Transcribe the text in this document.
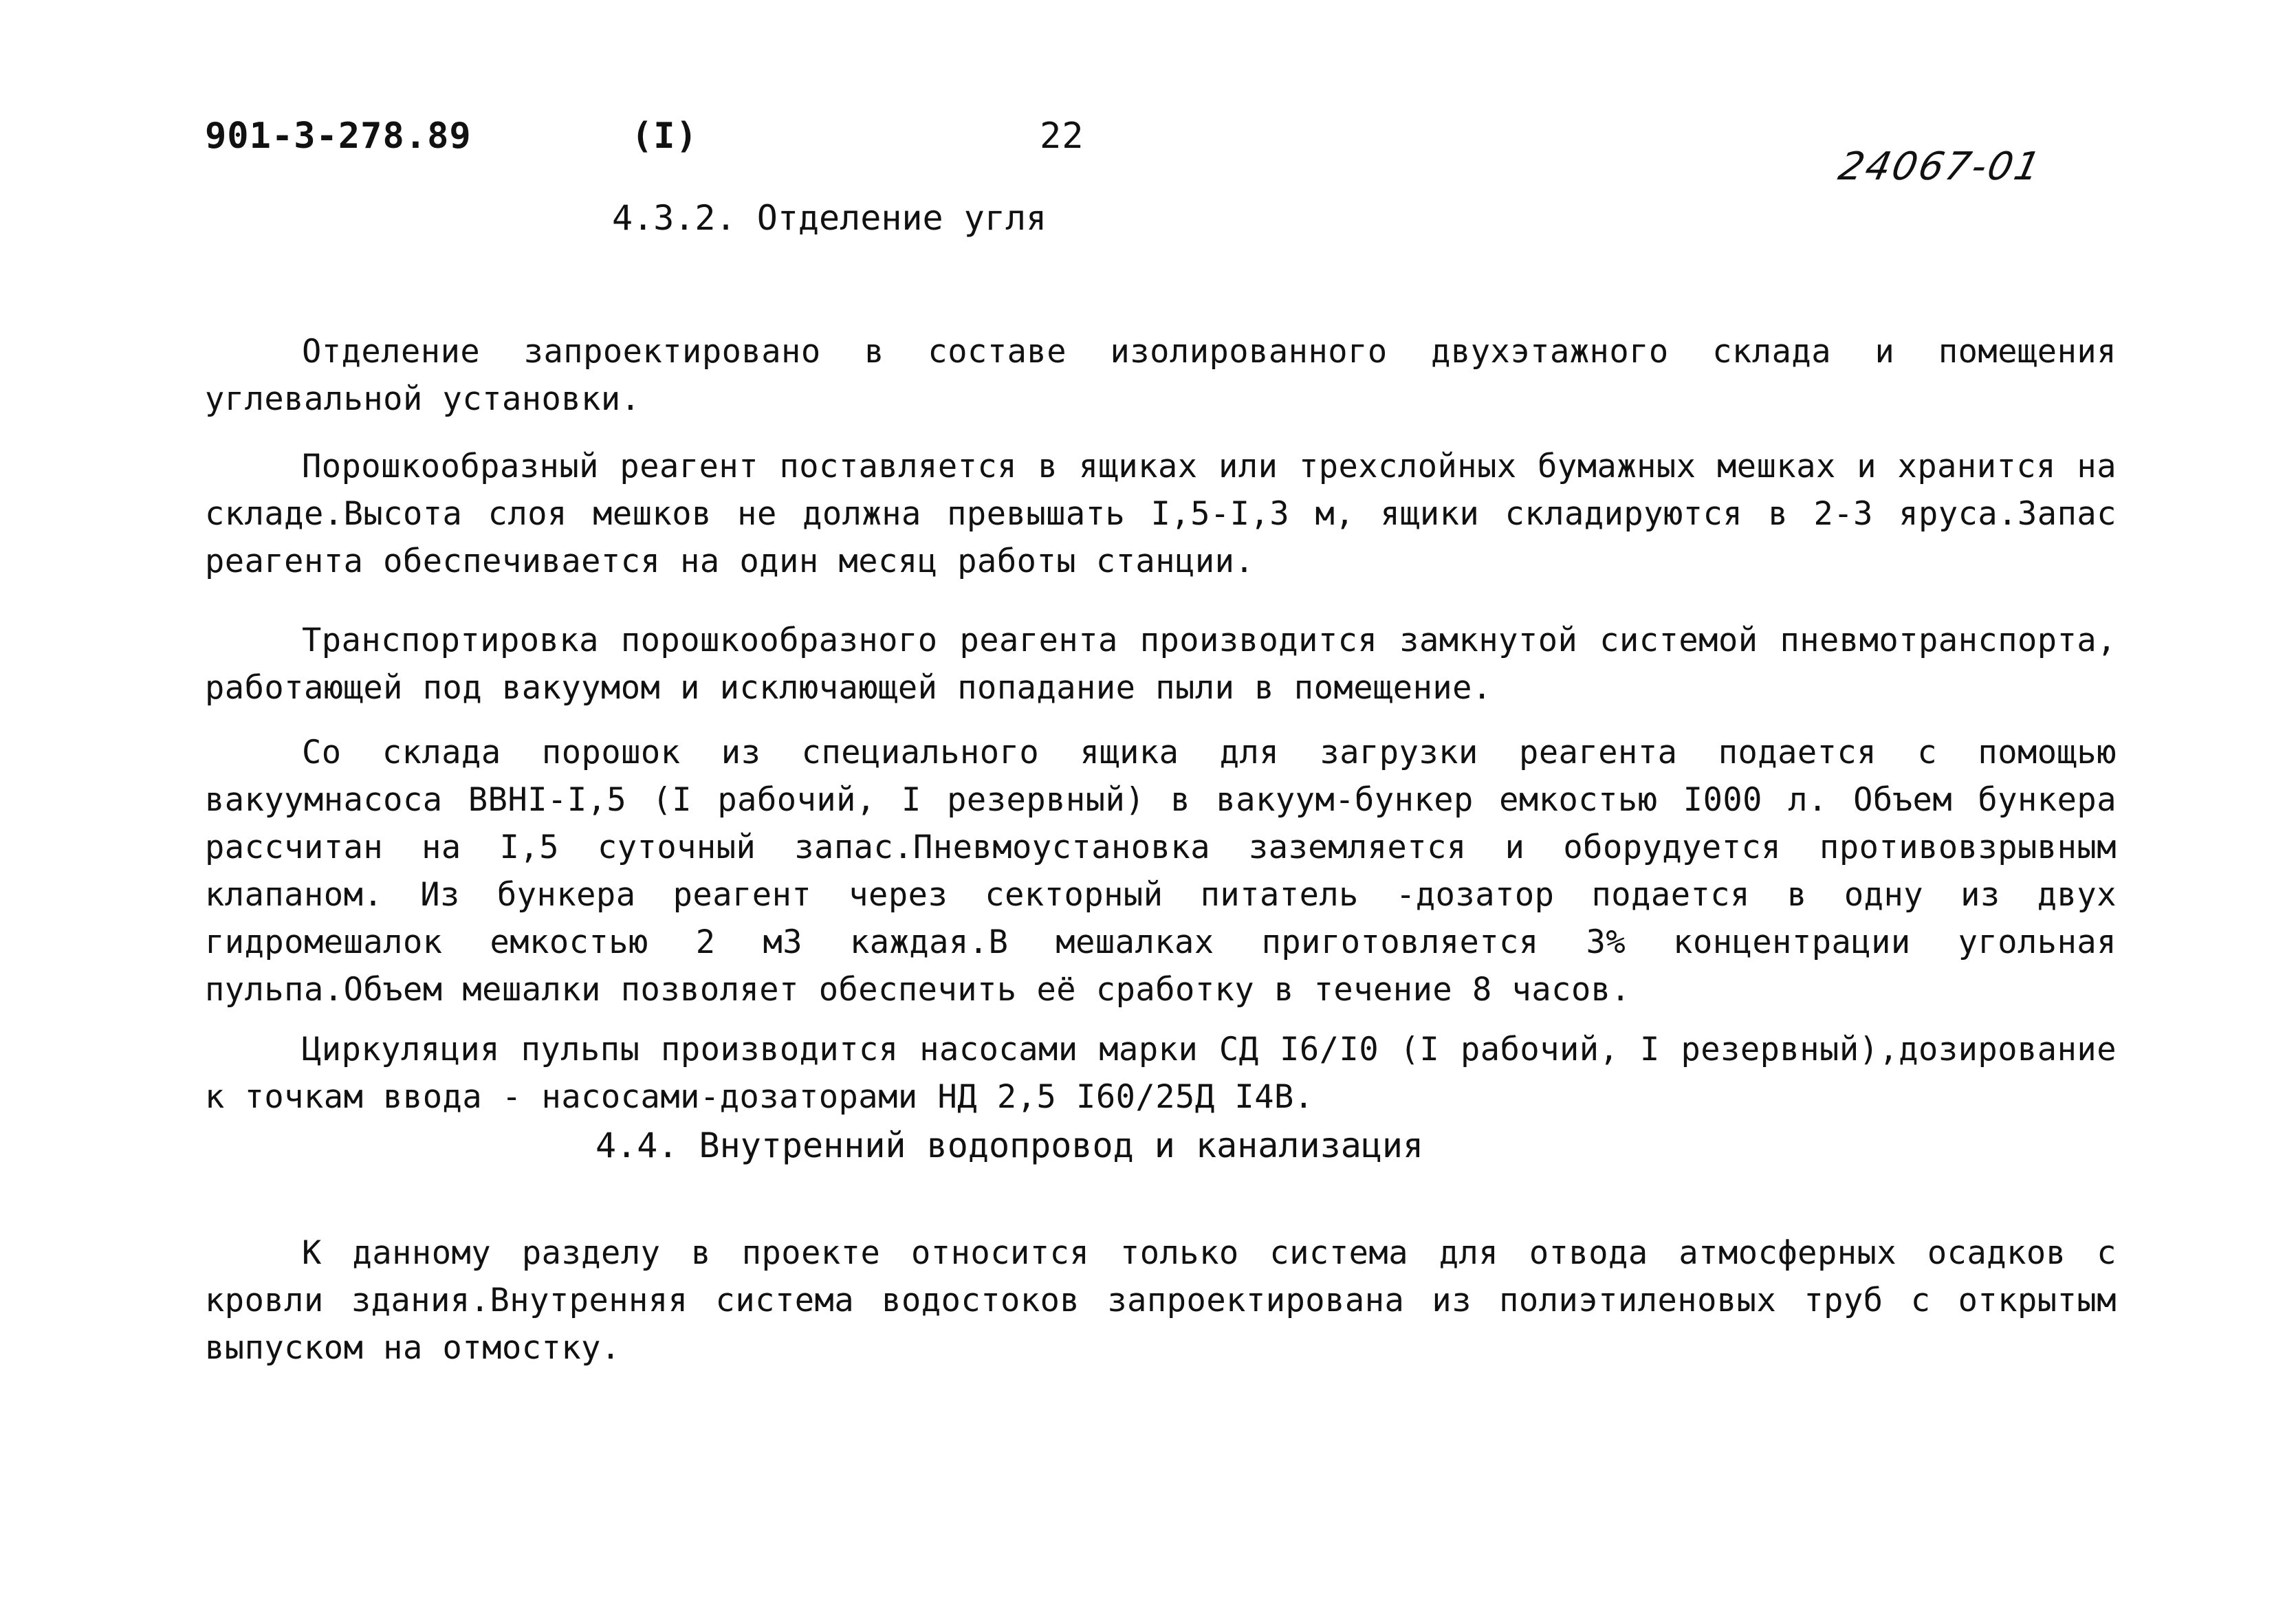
901-3-278.89	(I)	22
24067-01
4.3.2. Отделение угля

Отделение запроектировано в составе изолированного двухэтажного склада и помещения углевальной установки.

Порошкообразный реагент поставляется в ящиках или трехслойных бумажных мешках и хранится на складе.Высота слоя мешков не должна превышать I,5-I,3 м, ящики складируются в 2-3 яруса.Запас реагента обеспечивается на один месяц работы станции.

Транспортировка порошкообразного реагента производится замкнутой системой пневмотранспорта, работающей под вакуумом и исключающей попадание пыли в помещение.

Со склада порошок из специального ящика для загрузки реагента подается с помощью вакуумнасоса ВВНI-I,5 (I рабочий, I резервный) в вакуум-бункер емкостью I000 л. Объем бункера рассчитан на I,5 суточный запас.Пневмоустановка заземляется и оборудуется противовзрывным клапаном. Из бункера реагент через секторный питатель -дозатор подается в одну из двух гидромешалок емкостью 2 м3 каждая.В мешалках приготовляется 3% концентрации угольная пульпа.Объем мешалки позволяет обеспечить её сработку в течение 8 часов.

Циркуляция пульпы производится насосами марки СД I6/I0 (I рабочий, I резервный),дозирование к точкам ввода - насосами-дозаторами НД 2,5 I60/25Д I4В.

4.4. Внутренний водопровод и канализация

К данному разделу в проекте относится только система для отвода атмосферных осадков с кровли здания.Внутренняя система водостоков запроектирована из полиэтиленовых труб с открытым выпуском на отмостку.
